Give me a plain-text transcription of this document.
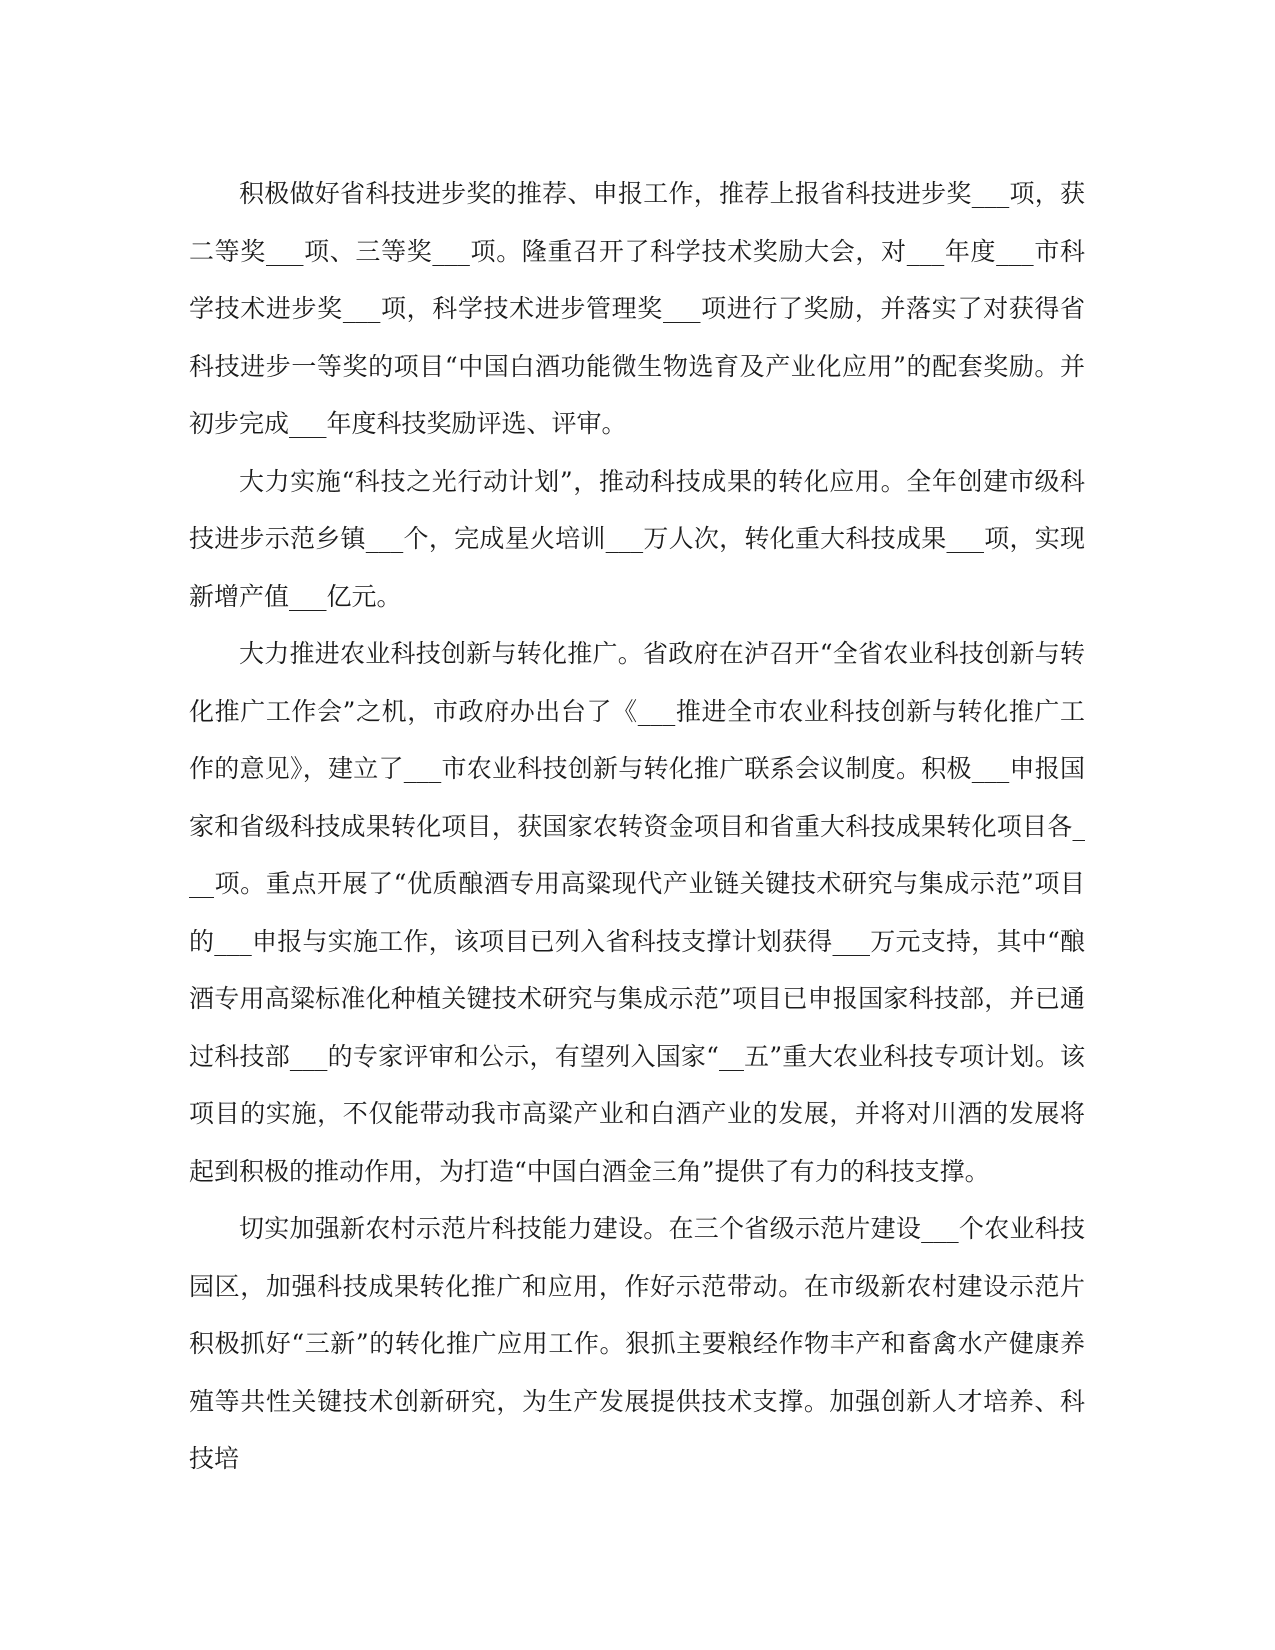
积极做好省科技进步奖的推荐、申报工作，推荐上报省科技进步奖___项，获二等奖___项、三等奖___项。隆重召开了科学技术奖励大会，对___年度___市科学技术进步奖___项，科学技术进步管理奖___项进行了奖励，并落实了对获得省科技进步一等奖的项目“中国白酒功能微生物选育及产业化应用”的配套奖励。并初步完成___年度科技奖励评选、评审。

大力实施“科技之光行动计划”，推动科技成果的转化应用。全年创建市级科技进步示范乡镇___个，完成星火培训___万人次，转化重大科技成果___项，实现新增产值___亿元。

大力推进农业科技创新与转化推广。省政府在泸召开“全省农业科技创新与转化推广工作会”之机，市政府办出台了《___推进全市农业科技创新与转化推广工作的意见》，建立了___市农业科技创新与转化推广联系会议制度。积极___申报国家和省级科技成果转化项目，获国家农转资金项目和省重大科技成果转化项目各___项。重点开展了“优质酿酒专用高粱现代产业链关键技术研究与集成示范”项目的___申报与实施工作，该项目已列入省科技支撑计划获得___万元支持，其中“酿酒专用高粱标准化种植关键技术研究与集成示范”项目已申报国家科技部，并已通过科技部___的专家评审和公示，有望列入国家“__五”重大农业科技专项计划。该项目的实施，不仅能带动我市高粱产业和白酒产业的发展，并将对川酒的发展将起到积极的推动作用，为打造“中国白酒金三角”提供了有力的科技支撑。

切实加强新农村示范片科技能力建设。在三个省级示范片建设___个农业科技园区，加强科技成果转化推广和应用，作好示范带动。在市级新农村建设示范片积极抓好“三新”的转化推广应用工作。狠抓主要粮经作物丰产和畜禽水产健康养殖等共性关键技术创新研究，为生产发展提供技术支撑。加强创新人才培养、科技培
